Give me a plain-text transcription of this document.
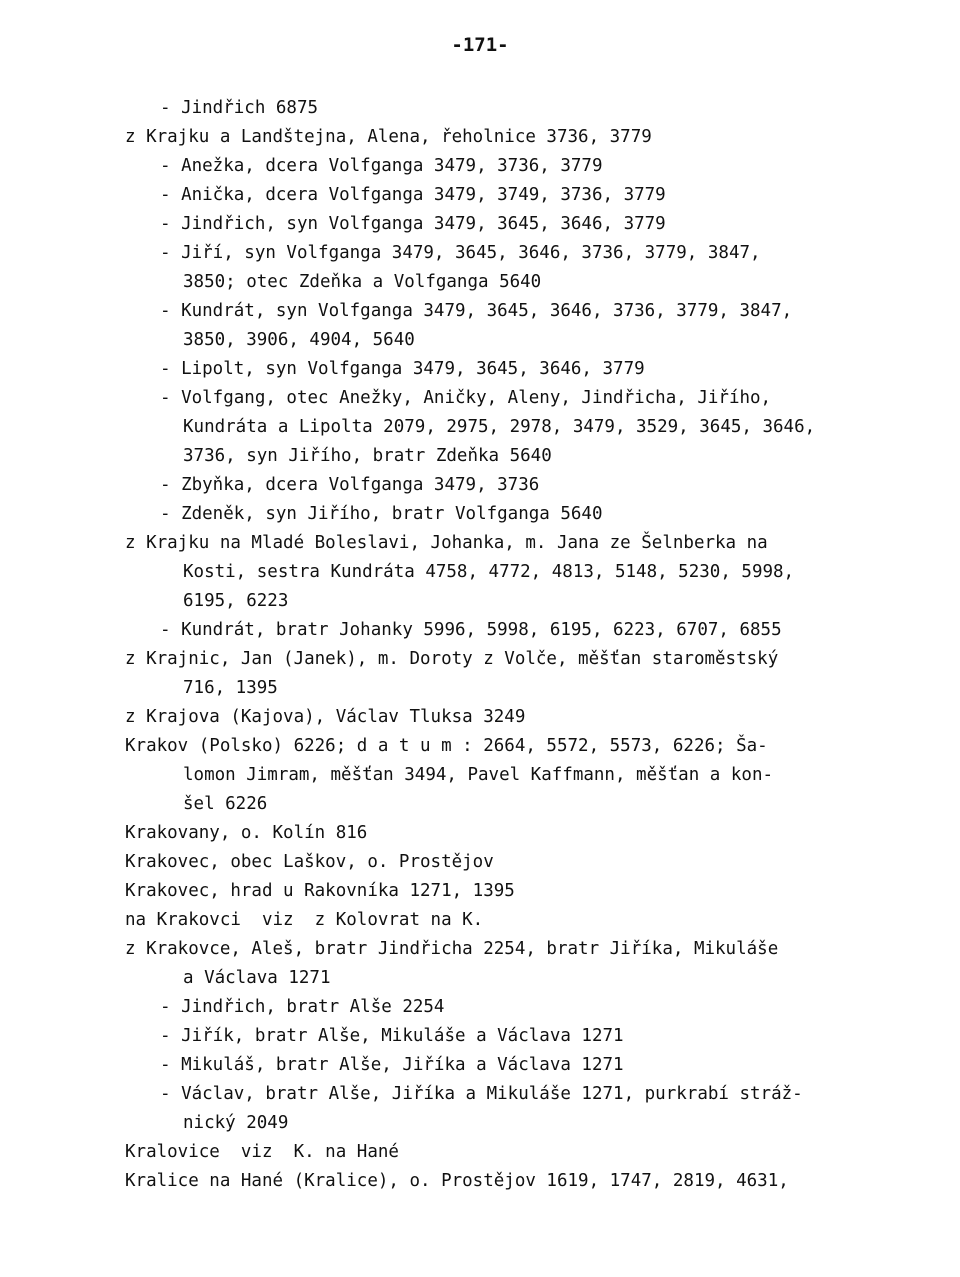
-171-
- Jindřich 6875
z Krajku a Landštejna, Alena, řeholnice 3736, 3779
- Anežka, dcera Volfganga 3479, 3736, 3779
- Anička, dcera Volfganga 3479, 3749, 3736, 3779
- Jindřich, syn Volfganga 3479, 3645, 3646, 3779
- Jiří, syn Volfganga 3479, 3645, 3646, 3736, 3779, 3847,
3850; otec Zdeňka a Volfganga 5640
- Kundrát, syn Volfganga 3479, 3645, 3646, 3736, 3779, 3847,
3850, 3906, 4904, 5640
- Lipolt, syn Volfganga 3479, 3645, 3646, 3779
- Volfgang, otec Anežky, Aničky, Aleny, Jindřicha, Jiřího,
Kundráta a Lipolta 2079, 2975, 2978, 3479, 3529, 3645, 3646,
3736, syn Jiřího, bratr Zdeňka 5640
- Zbyňka, dcera Volfganga 3479, 3736
- Zdeněk, syn Jiřího, bratr Volfganga 5640
z Krajku na Mladé Boleslavi, Johanka, m. Jana ze Šelnberka na
Kosti, sestra Kundráta 4758, 4772, 4813, 5148, 5230, 5998,
6195, 6223
- Kundrát, bratr Johanky 5996, 5998, 6195, 6223, 6707, 6855
z Krajnic, Jan (Janek), m. Doroty z Volče, měšťan staroměstský
716, 1395
z Krajova (Kajova), Václav Tluksa 3249
Krakov (Polsko) 6226; d a t u m : 2664, 5572, 5573, 6226; Ša-
lomon Jimram, měšťan 3494, Pavel Kaffmann, měšťan a kon-
šel 6226
Krakovany, o. Kolín 816
Krakovec, obec Laškov, o. Prostějov
Krakovec, hrad u Rakovníka 1271, 1395
na Krakovci  viz  z Kolovrat na K.
z Krakovce, Aleš, bratr Jindřicha 2254, bratr Jiříka, Mikuláše
a Václava 1271
- Jindřich, bratr Alše 2254
- Jiřík, bratr Alše, Mikuláše a Václava 1271
- Mikuláš, bratr Alše, Jiříka a Václava 1271
- Václav, bratr Alše, Jiříka a Mikuláše 1271, purkrabí stráž-
nický 2049
Kralovice  viz  K. na Hané
Kralice na Hané (Kralice), o. Prostějov 1619, 1747, 2819, 4631,
